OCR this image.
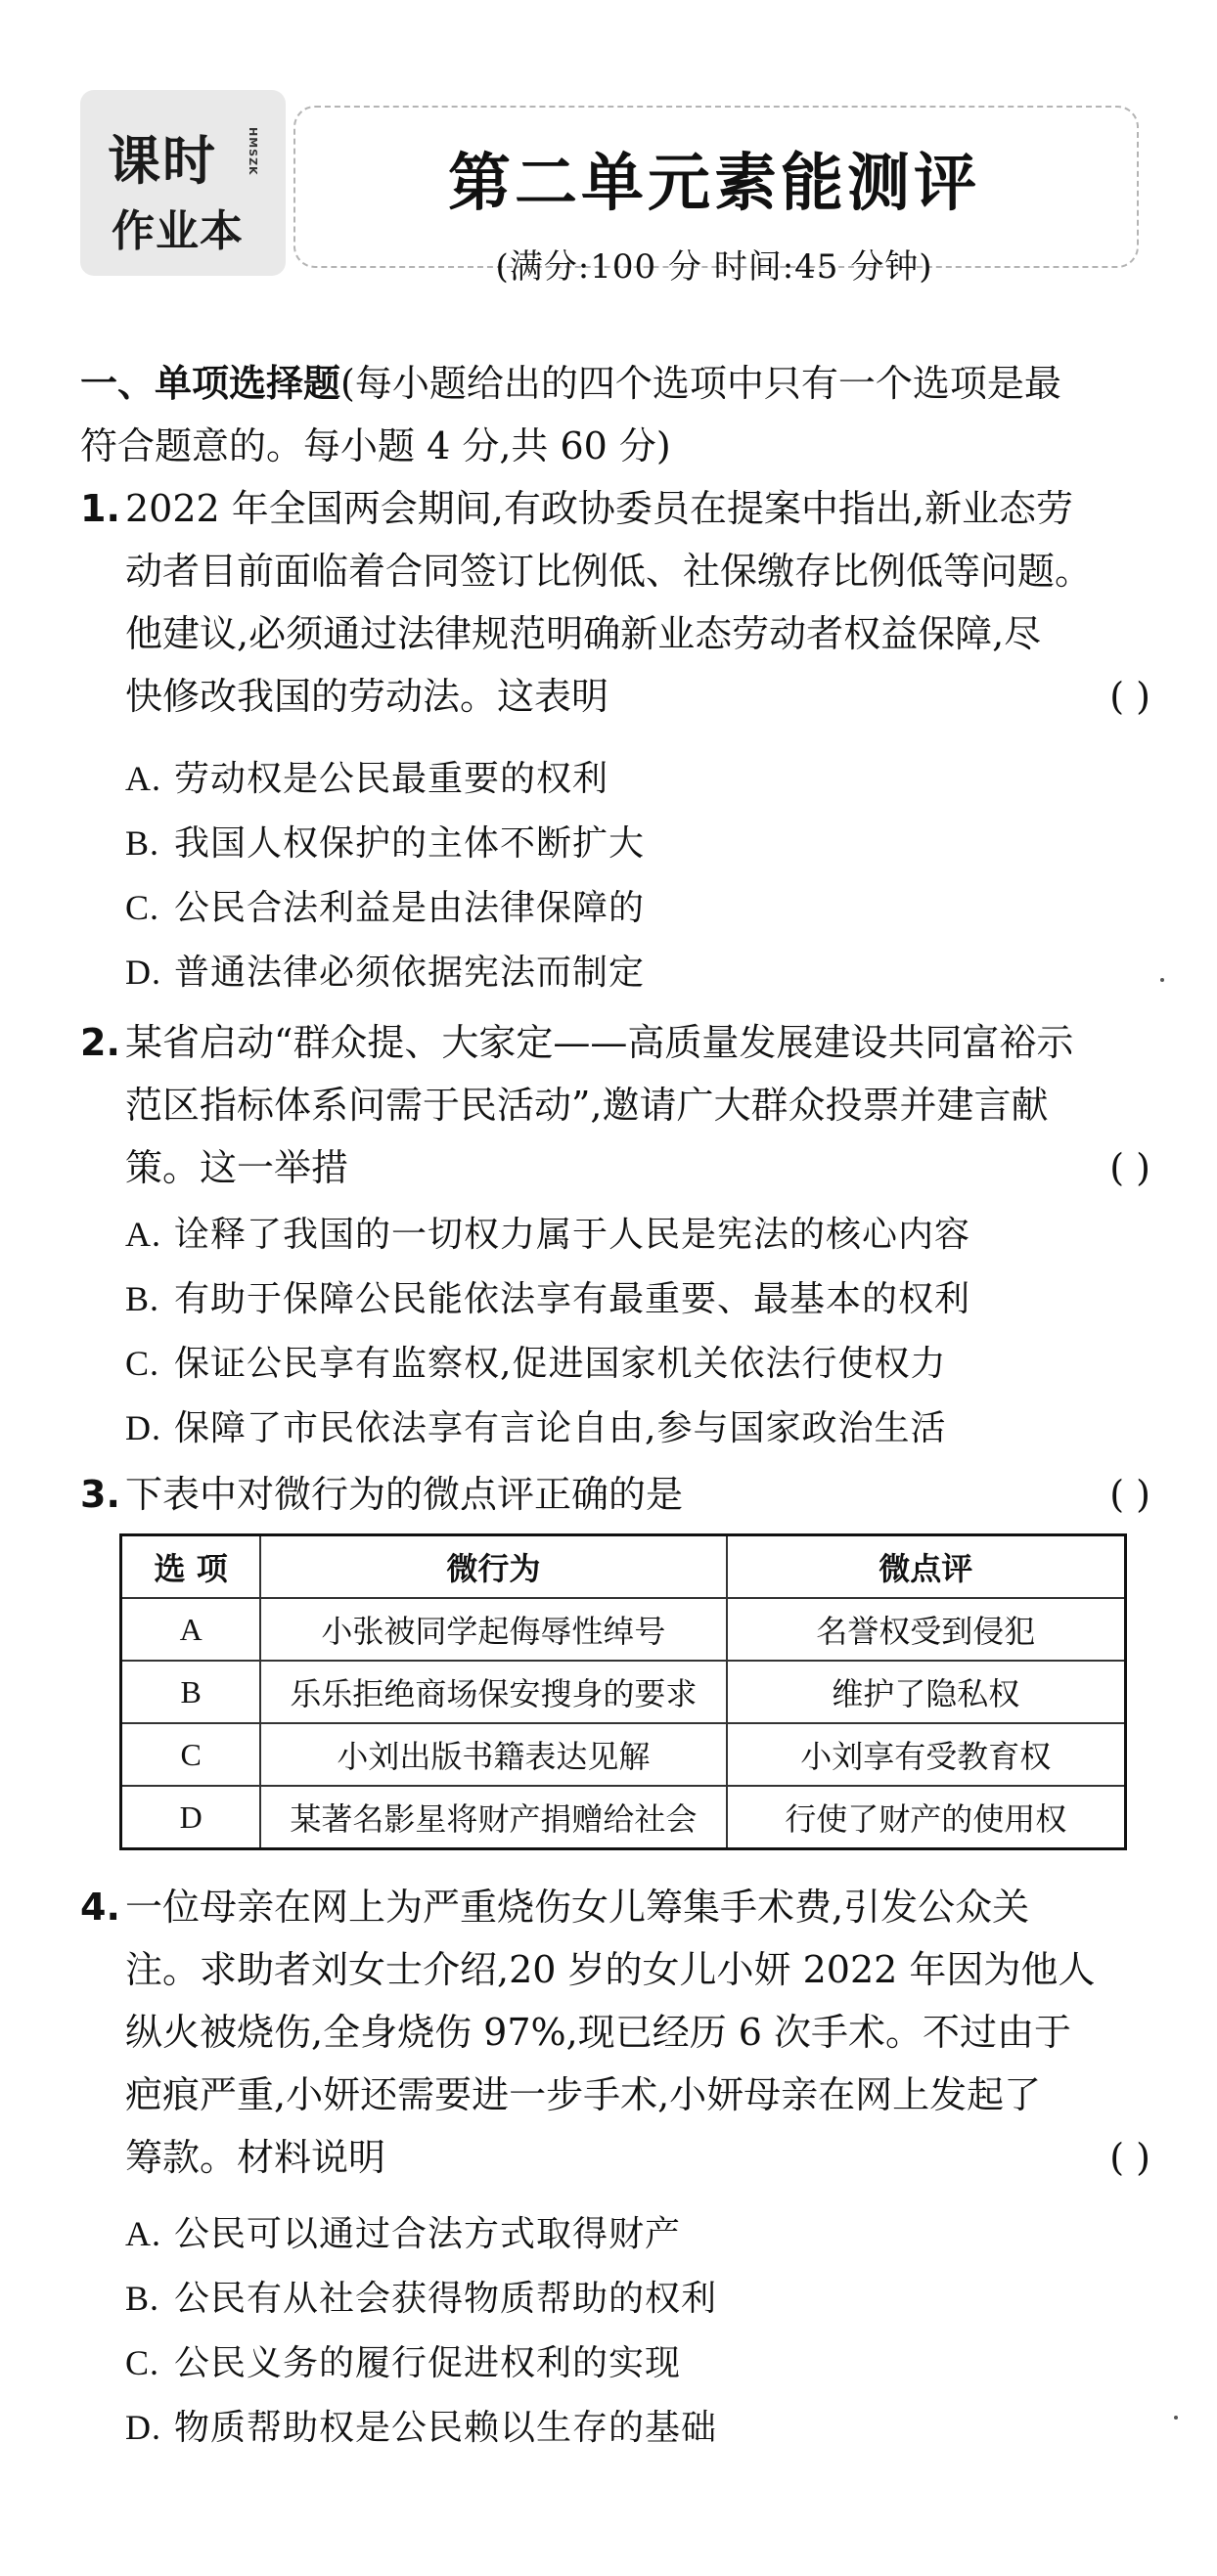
课时	HMSZK
作业本
第二单元素能测评
(满分:100 分 时间:45 分钟)
一、单项选择题(每小题给出的四个选项中只有一个选项是最
符合题意的。每小题 4 分,共 60 分)
1. 2022 年全国两会期间,有政协委员在提案中指出,新业态劳
动者目前面临着合同签订比例低、社保缴存比例低等问题。
他建议,必须通过法律规范明确新业态劳动者权益保障,尽
快修改我国的劳动法。这表明	( )
A. 劳动权是公民最重要的权利
B. 我国人权保护的主体不断扩大
C. 公民合法利益是由法律保障的
D. 普通法律必须依据宪法而制定
2. 某省启动“群众提、大家定——高质量发展建设共同富裕示
范区指标体系问需于民活动”,邀请广大群众投票并建言献
策。这一举措	( )
A. 诠释了我国的一切权力属于人民是宪法的核心内容
B. 有助于保障公民能依法享有最重要、最基本的权利
C. 保证公民享有监察权,促进国家机关依法行使权力
D. 保障了市民依法享有言论自由,参与国家政治生活
3. 下表中对微行为的微点评正确的是	( )
选 项	微行为	微点评
A	小张被同学起侮辱性绰号	名誉权受到侵犯
B	乐乐拒绝商场保安搜身的要求	维护了隐私权
C	小刘出版书籍表达见解	小刘享有受教育权
D	某著名影星将财产捐赠给社会	行使了财产的使用权
4. 一位母亲在网上为严重烧伤女儿筹集手术费,引发公众关
注。求助者刘女士介绍,20 岁的女儿小妍 2022 年因为他人
纵火被烧伤,全身烧伤 97%,现已经历 6 次手术。不过由于
疤痕严重,小妍还需要进一步手术,小妍母亲在网上发起了
筹款。材料说明	( )
A. 公民可以通过合法方式取得财产
B. 公民有从社会获得物质帮助的权利
C. 公民义务的履行促进权利的实现
D. 物质帮助权是公民赖以生存的基础
